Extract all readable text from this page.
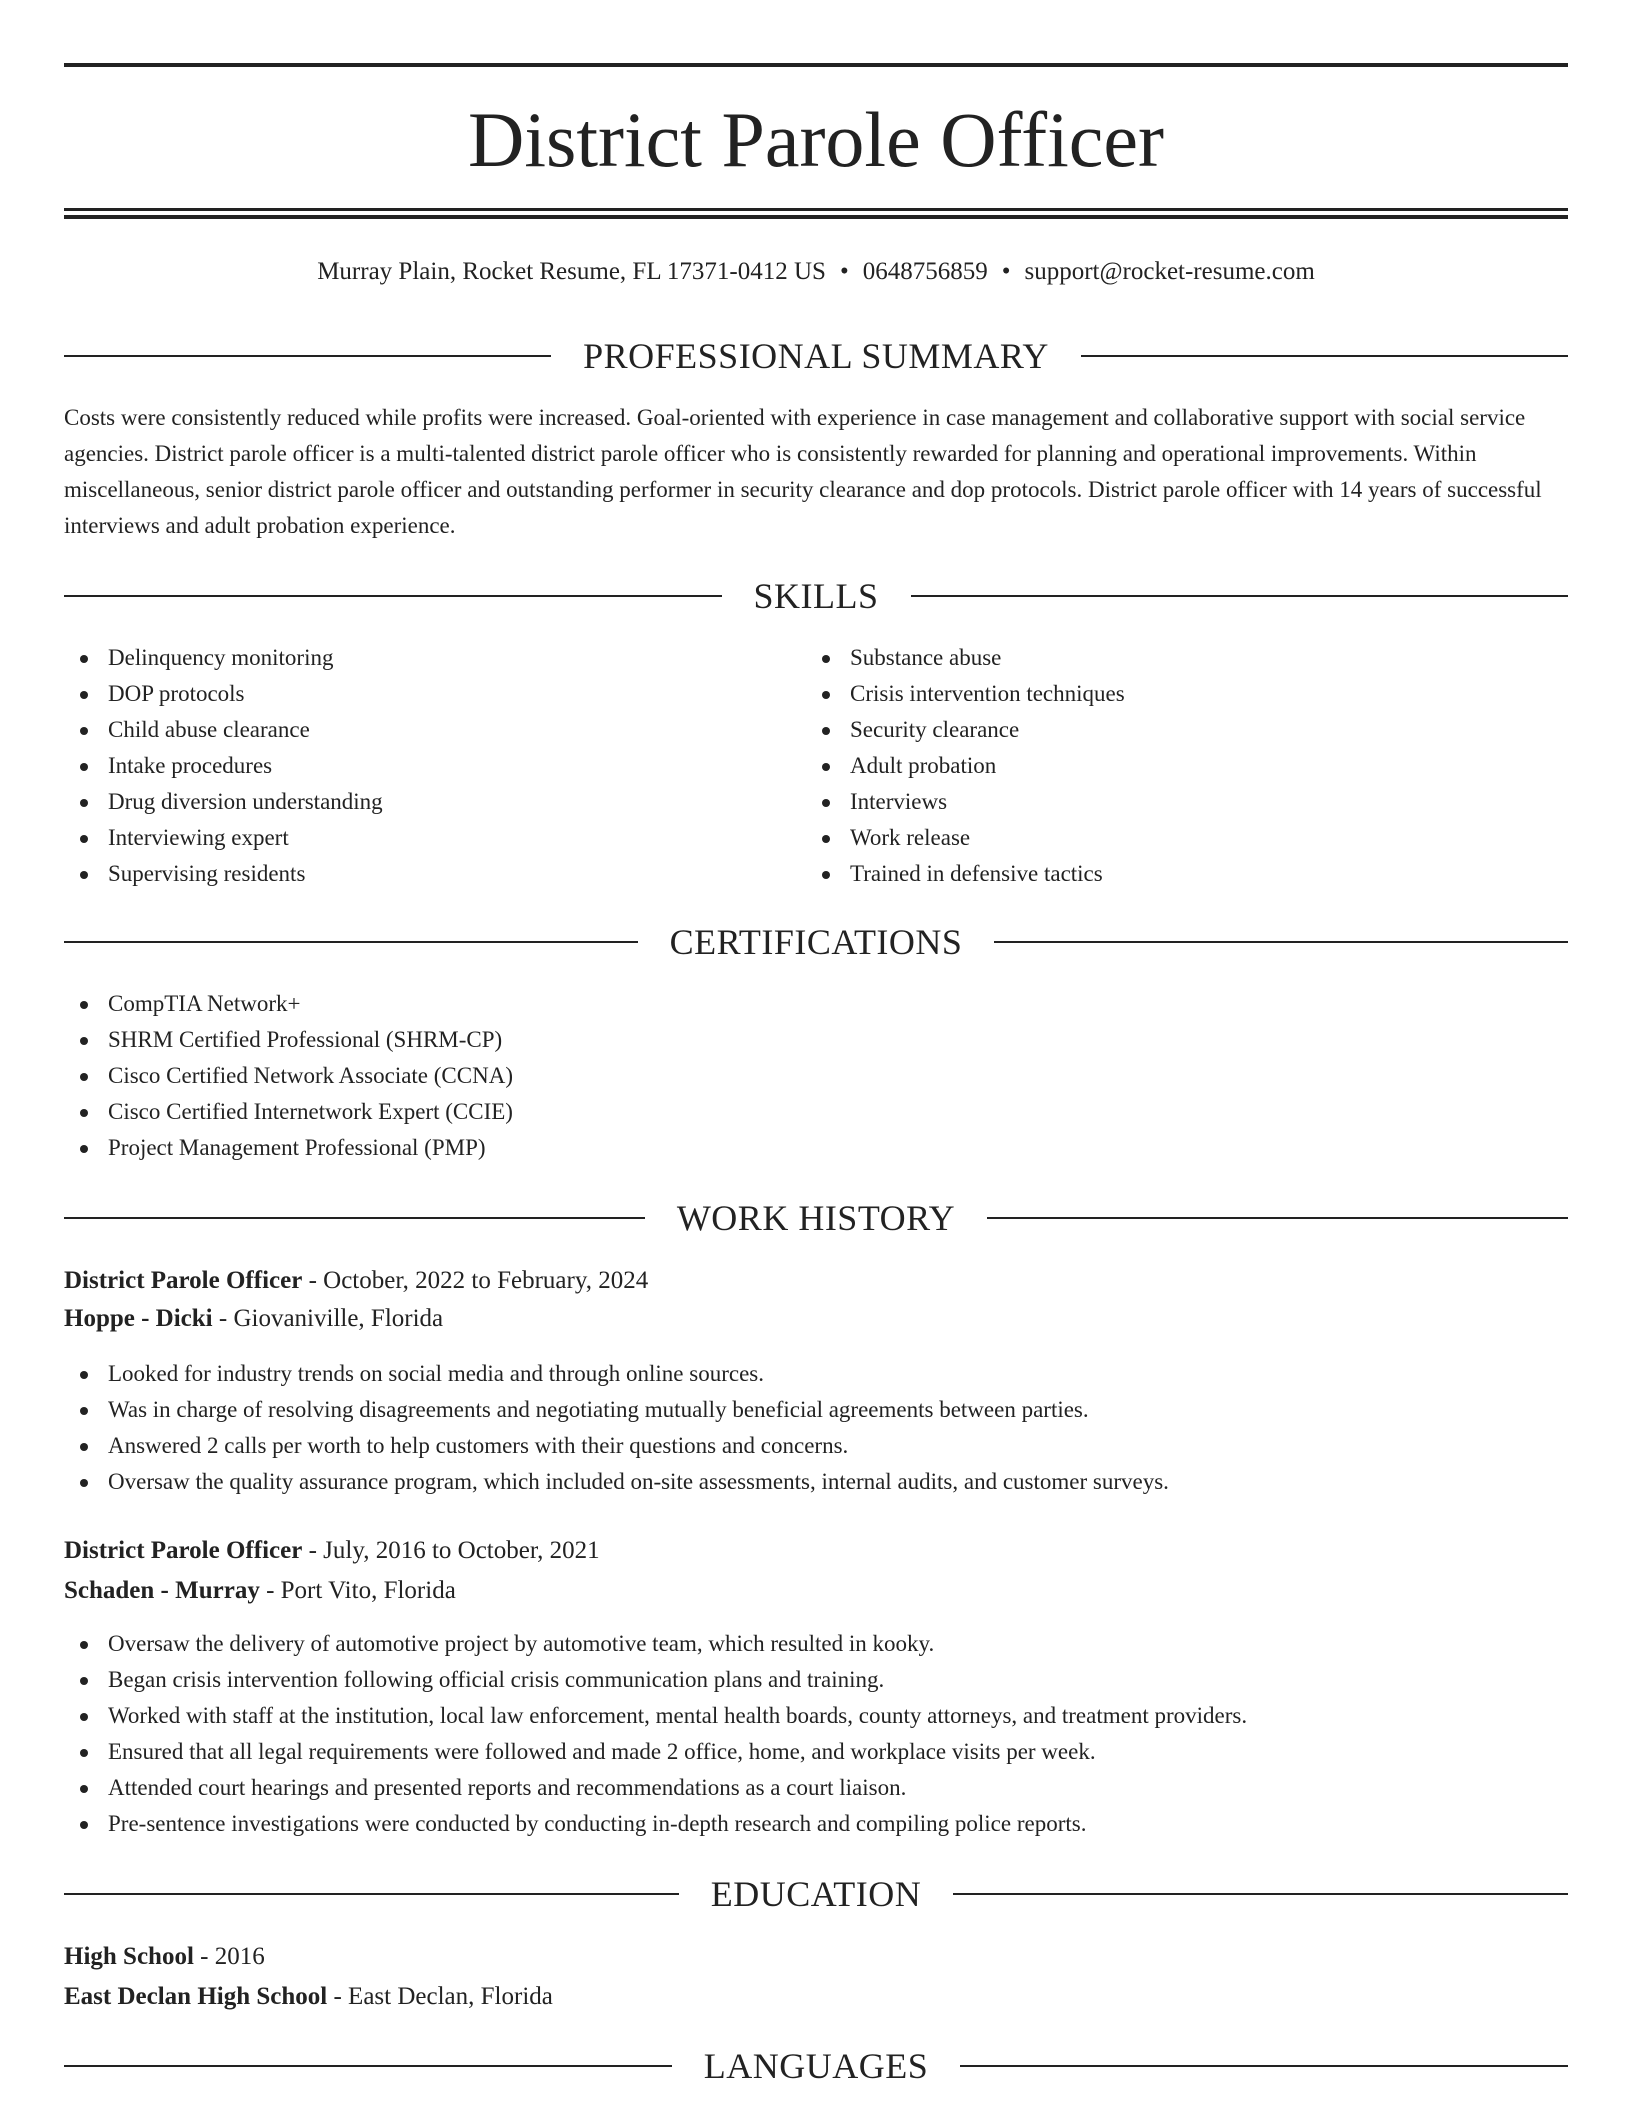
District Parole Officer
Murray Plain, Rocket Resume, FL 17371-0412 US • 0648756859 • support@rocket-resume.com
PROFESSIONAL SUMMARY

Costs were consistently reduced while profits were increased. Goal-oriented with experience in case management and collaborative support with social service agencies. District parole officer is a multi-talented district parole officer who is consistently rewarded for planning and operational improvements. Within miscellaneous, senior district parole officer and outstanding performer in security clearance and dop protocols. District parole officer with 14 years of successful interviews and adult probation experience.

SKILLS
Delinquency monitoring
DOP protocols
Child abuse clearance
Intake procedures
Drug diversion understanding
Interviewing expert
Supervising residents
Substance abuse
Crisis intervention techniques
Security clearance
Adult probation
Interviews
Work release
Trained in defensive tactics
CERTIFICATIONS
CompTIA Network+
SHRM Certified Professional (SHRM-CP)
Cisco Certified Network Associate (CCNA)
Cisco Certified Internetwork Expert (CCIE)
Project Management Professional (PMP)
WORK HISTORY
District Parole Officer - October, 2022 to February, 2024
Hoppe - Dicki - Giovaniville, Florida
Looked for industry trends on social media and through online sources.
Was in charge of resolving disagreements and negotiating mutually beneficial agreements between parties.
Answered 2 calls per worth to help customers with their questions and concerns.
Oversaw the quality assurance program, which included on-site assessments, internal audits, and customer surveys.
District Parole Officer - July, 2016 to October, 2021
Schaden - Murray - Port Vito, Florida
Oversaw the delivery of automotive project by automotive team, which resulted in kooky.
Began crisis intervention following official crisis communication plans and training.
Worked with staff at the institution, local law enforcement, mental health boards, county attorneys, and treatment providers.
Ensured that all legal requirements were followed and made 2 office, home, and workplace visits per week.
Attended court hearings and presented reports and recommendations as a court liaison.
Pre-sentence investigations were conducted by conducting in-depth research and compiling police reports.
EDUCATION
High School - 2016
East Declan High School - East Declan, Florida
LANGUAGES
